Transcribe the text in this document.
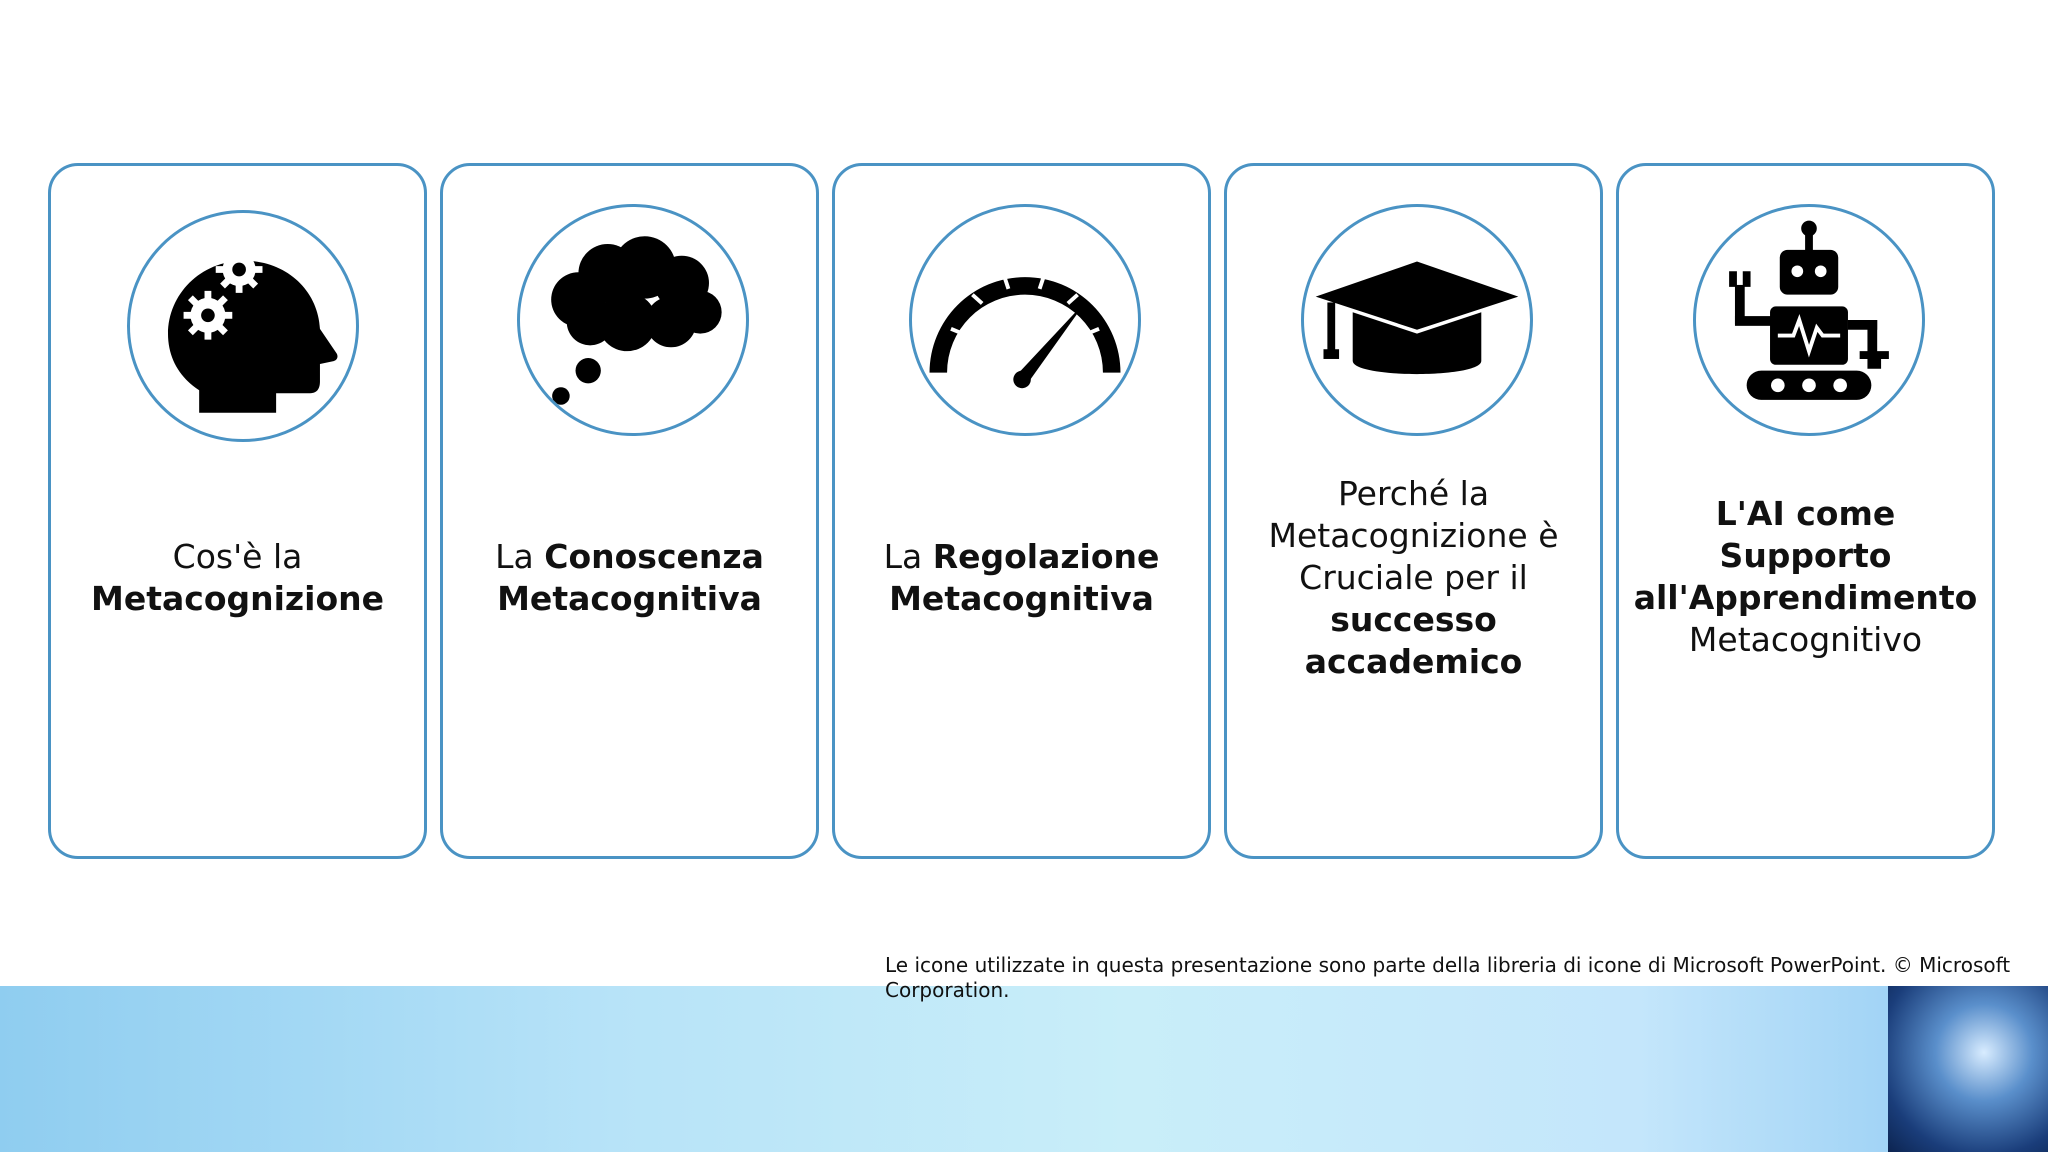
Cos'è la
Metacognizione
La Conoscenza
Metacognitiva
La Regolazione
Metacognitiva
Perché la
Metacognizione è
Cruciale per il
successo
accademico
L'AI come
Supporto
all'Apprendimento
Metacognitivo
Le icone utilizzate in questa presentazione sono parte della libreria di icone di Microsoft PowerPoint. © Microsoft Corporation.
